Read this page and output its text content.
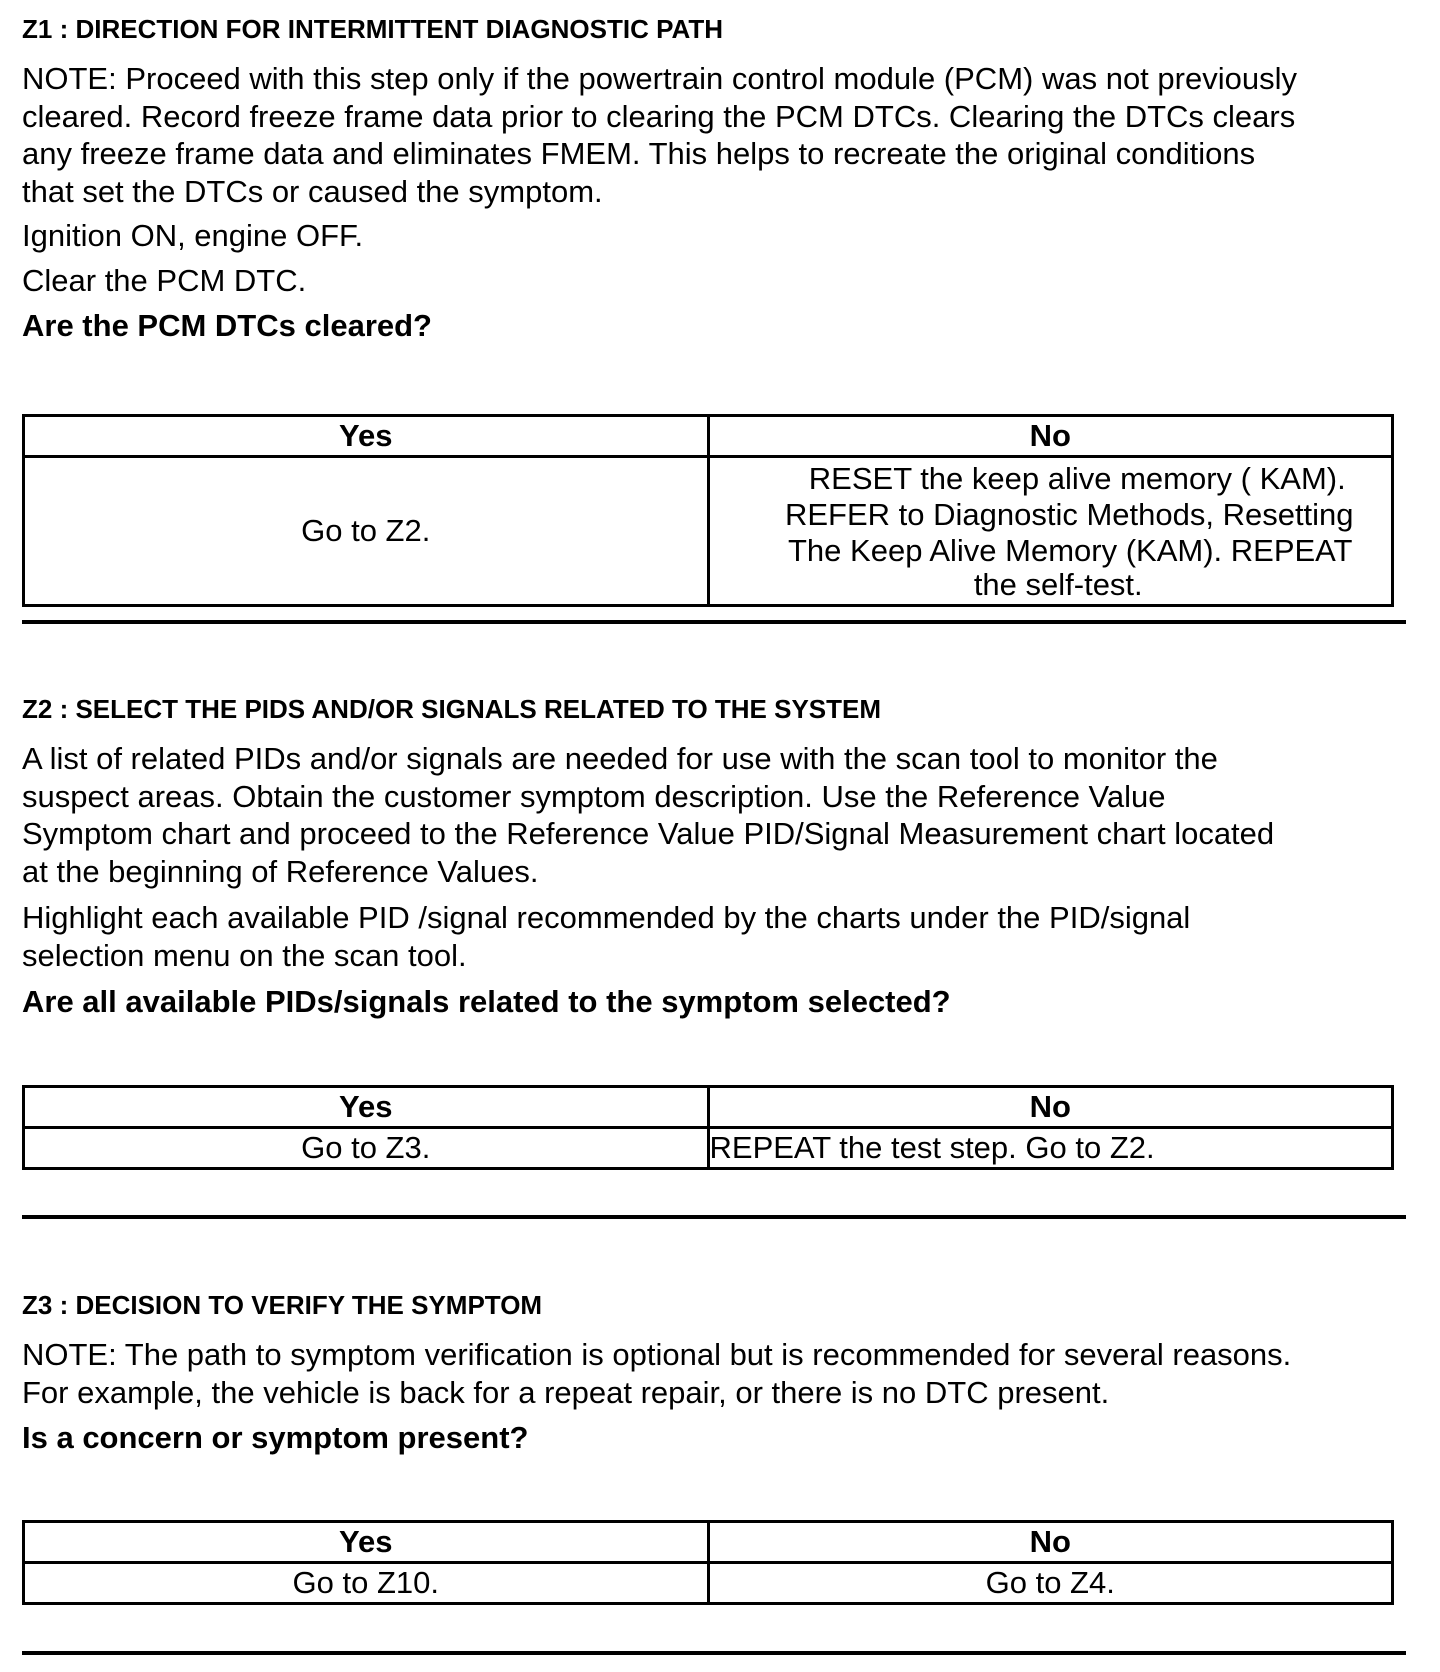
Z1 : DIRECTION FOR INTERMITTENT DIAGNOSTIC PATH

NOTE: Proceed with this step only if the powertrain control module (PCM) was not previously

cleared. Record freeze frame data prior to clearing the PCM DTCs. Clearing the DTCs clears

any freeze frame data and eliminates FMEM. This helps to recreate the original conditions

that set the DTCs or caused the symptom.

Ignition ON, engine OFF.

Clear the PCM DTC.

Are the PCM DTCs cleared?

Yes	No
Go to Z2.	RESET the keep alive memory ( KAM).
REFER to Diagnostic Methods, Resetting
The Keep Alive Memory (KAM). REPEAT
the self-test.
Z2 : SELECT THE PIDS AND/OR SIGNALS RELATED TO THE SYSTEM

A list of related PIDs and/or signals are needed for use with the scan tool to monitor the

suspect areas. Obtain the customer symptom description. Use the Reference Value

Symptom chart and proceed to the Reference Value PID/Signal Measurement chart located

at the beginning of Reference Values.

Highlight each available PID /signal recommended by the charts under the PID/signal

selection menu on the scan tool.

Are all available PIDs/signals related to the symptom selected?

Yes	No
Go to Z3.	REPEAT the test step. Go to Z2.
Z3 : DECISION TO VERIFY THE SYMPTOM

NOTE: The path to symptom verification is optional but is recommended for several reasons.

For example, the vehicle is back for a repeat repair, or there is no DTC present.

Is a concern or symptom present?

Yes	No
Go to Z10.	Go to Z4.
